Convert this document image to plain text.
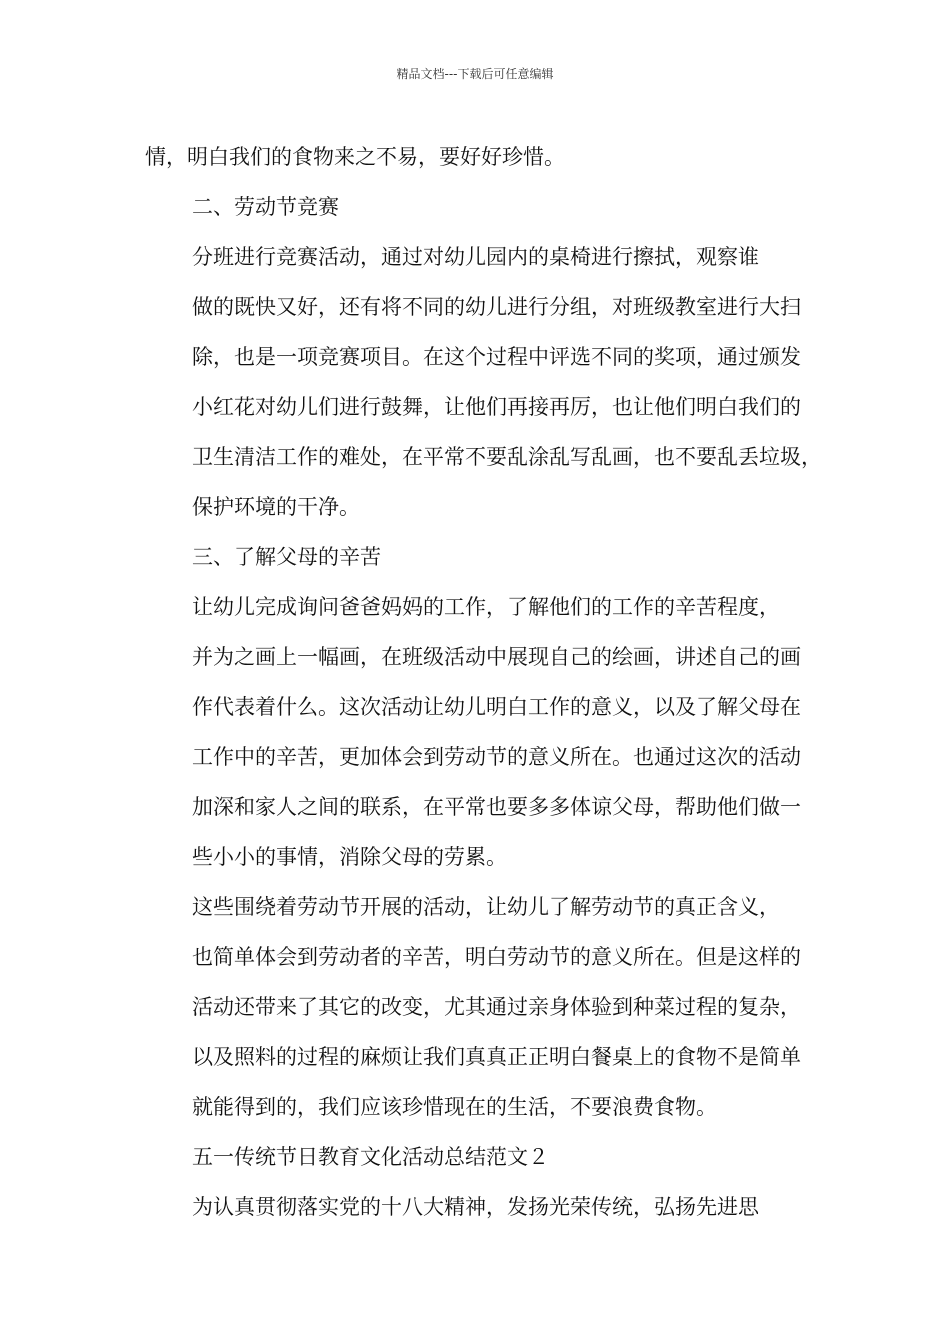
精品文档---下载后可任意编辑

情，明白我们的食物来之不易，要好好珍惜。

二、劳动节竞赛

分班进行竞赛活动，通过对幼儿园内的桌椅进行擦拭，观察谁
做的既快又好，还有将不同的幼儿进行分组，对班级教室进行大扫
除，也是一项竞赛项目。在这个过程中评选不同的奖项，通过颁发
小红花对幼儿们进行鼓舞，让他们再接再厉，也让他们明白我们的
卫生清洁工作的难处，在平常不要乱涂乱写乱画，也不要乱丢垃圾，
保护环境的干净。

三、了解父母的辛苦

让幼儿完成询问爸爸妈妈的工作，了解他们的工作的辛苦程度，
并为之画上一幅画，在班级活动中展现自己的绘画，讲述自己的画
作代表着什么。这次活动让幼儿明白工作的意义，以及了解父母在
工作中的辛苦，更加体会到劳动节的意义所在。也通过这次的活动
加深和家人之间的联系，在平常也要多多体谅父母，帮助他们做一
些小小的事情，消除父母的劳累。

这些围绕着劳动节开展的活动，让幼儿了解劳动节的真正含义，
也简单体会到劳动者的辛苦，明白劳动节的意义所在。但是这样的
活动还带来了其它的改变，尤其通过亲身体验到种菜过程的复杂，
以及照料的过程的麻烦让我们真真正正明白餐桌上的食物不是简单
就能得到的，我们应该珍惜现在的生活，不要浪费食物。

五一传统节日教育文化活动总结范文２

为认真贯彻落实党的十八大精神，发扬光荣传统，弘扬先进思
